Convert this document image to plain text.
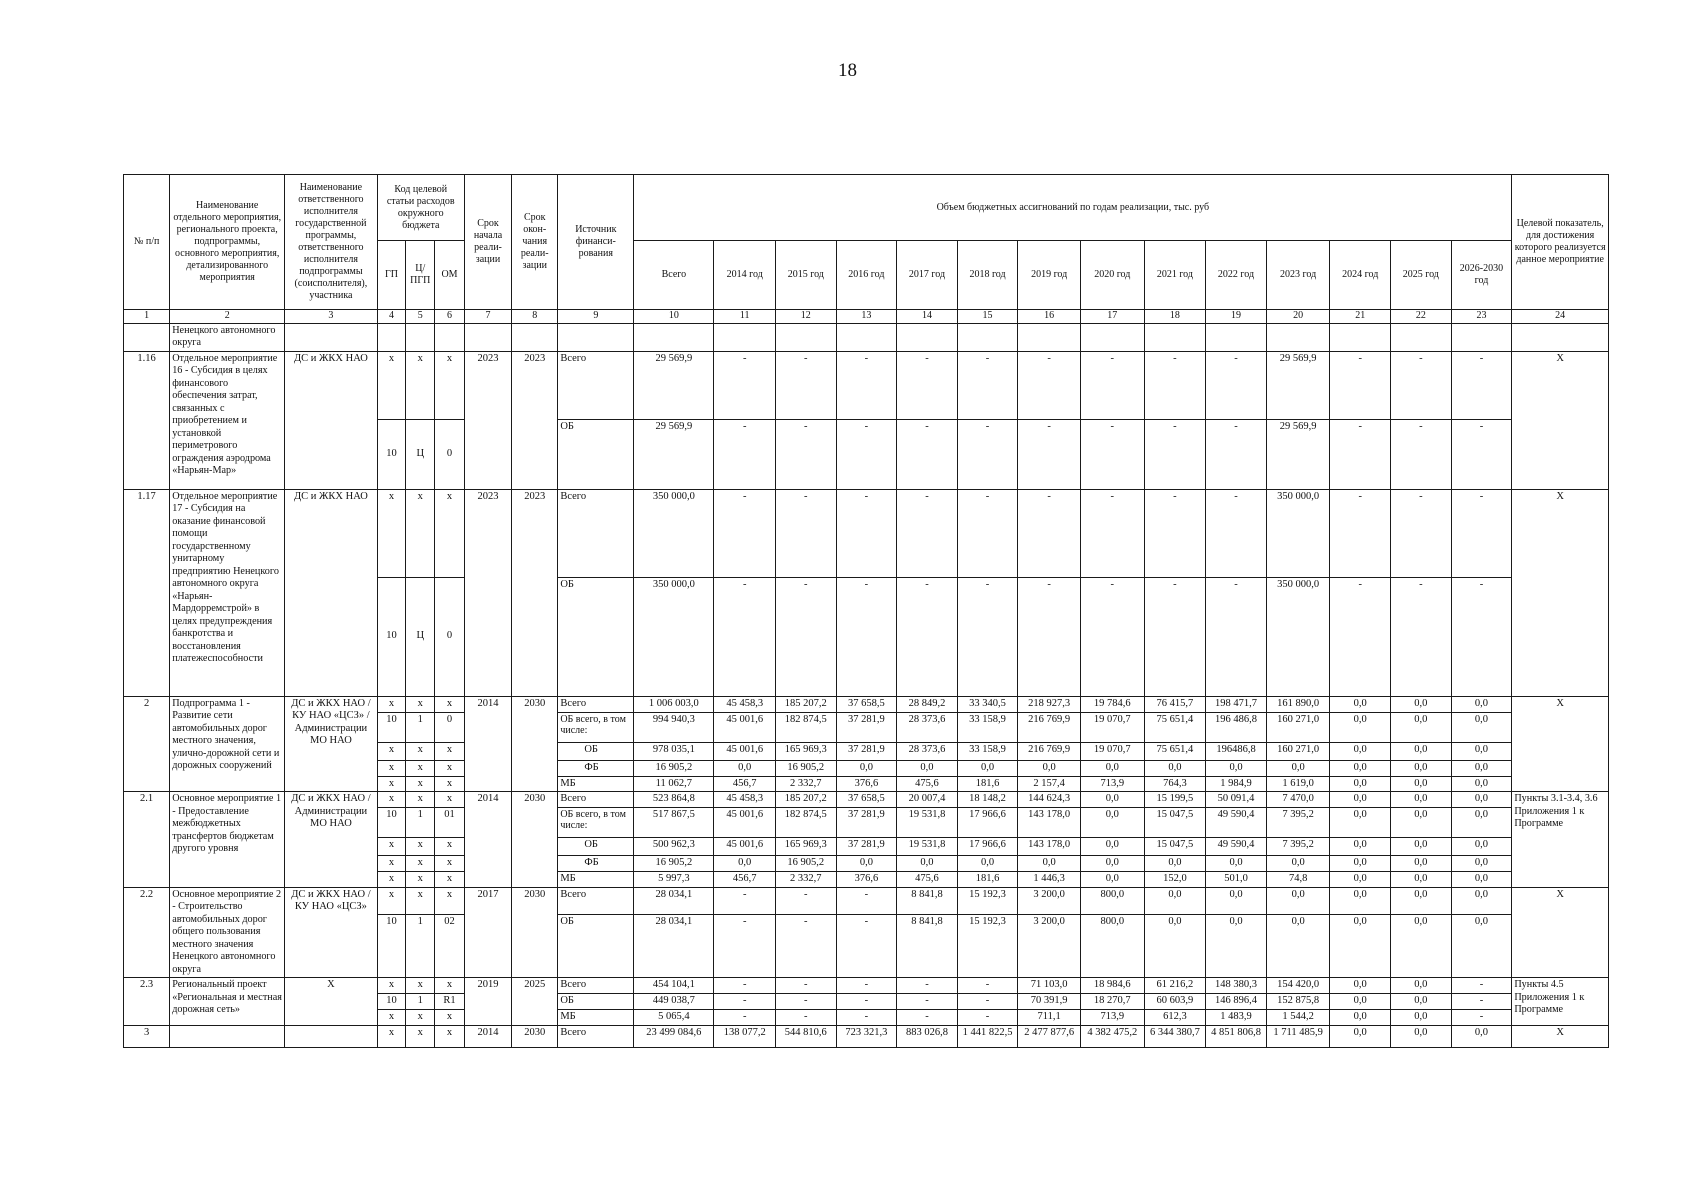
18
№ п/п	Наименование отдельного мероприятия, регионального проекта, подпрограммы, основного мероприятия, детализированного мероприятия	Наименование ответственного исполнителя государственной программы, ответственного исполнителя подпрограммы (соисполнителя), участника	Код целевой статьи расходов окружного бюджета			Срок начала реали-зации	Срок окон-чания реали-зации	Источник финанси-рования	Объем бюджетных ассигнований по годам реализации, тыс. руб														Целевой показатель, для достижения которого реализуется данное мероприятие
			ГП	Ц/ПГП	ОМ				Всего	2014 год	2015 год	2016 год	2017 год	2018 год	2019 год	2020 год	2021 год	2022 год	2023 год	2024 год	2025 год	2026-2030 год	
1	2	3	4	5	6	7	8	9	10	11	12	13	14	15	16	17	18	19	20	21	22	23	24
	Ненецкого автономного округа																						
1.16	Отдельное мероприятие 16 - Субсидия в целях финансового обеспечения затрат, связанных с приобретением и установкой периметрового ограждения аэродрома «Нарьян-Мар»	ДС и ЖКХ НАО	x	x	x	2023	2023	Всего	29 569,9	-	-	-	-	-	-	-	-	-	29 569,9	-	-	-	Х
			10	Ц	0			ОБ	29 569,9	-	-	-	-	-	-	-	-	-	29 569,9	-	-	-	
1.17	Отдельное мероприятие 17 - Субсидия на оказание финансовой помощи государственному унитарному предприятию Ненецкого автономного округа «Нарьян-Мардорремстрой» в целях предупреждения банкротства и восстановления платежеспособности	ДС и ЖКХ НАО	x	x	x	2023	2023	Всего	350 000,0	-	-	-	-	-	-	-	-	-	350 000,0	-	-	-	Х
			10	Ц	0			ОБ	350 000,0	-	-	-	-	-	-	-	-	-	350 000,0	-	-	-	
2	Подпрограмма 1 - Развитие сети автомобильных дорог местного значения, улично-дорожной сети и дорожных сооружений	ДС и ЖКХ НАО / КУ НАО «ЦСЗ» / Администрации МО НАО	x	x	x	2014	2030	Всего	1 006 003,0	45 458,3	185 207,2	37 658,5	28 849,2	33 340,5	218 927,3	19 784,6	76 415,7	198 471,7	161 890,0	0,0	0,0	0,0	Х
			10	1	0			ОБ всего, в том числе:	994 940,3	45 001,6	182 874,5	37 281,9	28 373,6	33 158,9	216 769,9	19 070,7	75 651,4	196 486,8	160 271,0	0,0	0,0	0,0	
			x	x	x			ОБ	978 035,1	45 001,6	165 969,3	37 281,9	28 373,6	33 158,9	216 769,9	19 070,7	75 651,4	196486,8	160 271,0	0,0	0,0	0,0	
			x	x	x			ФБ	16 905,2	0,0	16 905,2	0,0	0,0	0,0	0,0	0,0	0,0	0,0	0,0	0,0	0,0	0,0	
			x	x	x			МБ	11 062,7	456,7	2 332,7	376,6	475,6	181,6	2 157,4	713,9	764,3	1 984,9	1 619,0	0,0	0,0	0,0	
2.1	Основное мероприятие 1 - Предоставление межбюджетных трансфертов бюджетам другого уровня	ДС и ЖКХ НАО / Администрации МО НАО	x	x	x	2014	2030	Всего	523 864,8	45 458,3	185 207,2	37 658,5	20 007,4	18 148,2	144 624,3	0,0	15 199,5	50 091,4	7 470,0	0,0	0,0	0,0	Пункты 3.1-3.4, 3.6 Приложения 1 к Программе
			10	1	01			ОБ всего, в том числе:	517 867,5	45 001,6	182 874,5	37 281,9	19 531,8	17 966,6	143 178,0	0,0	15 047,5	49 590,4	7 395,2	0,0	0,0	0,0	
			x	x	x			ОБ	500 962,3	45 001,6	165 969,3	37 281,9	19 531,8	17 966,6	143 178,0	0,0	15 047,5	49 590,4	7 395,2	0,0	0,0	0,0	
			x	x	x			ФБ	16 905,2	0,0	16 905,2	0,0	0,0	0,0	0,0	0,0	0,0	0,0	0,0	0,0	0,0	0,0	
			x	x	x			МБ	5 997,3	456,7	2 332,7	376,6	475,6	181,6	1 446,3	0,0	152,0	501,0	74,8	0,0	0,0	0,0	
2.2	Основное мероприятие 2 - Строительство автомобильных дорог общего пользования местного значения Ненецкого автономного округа	ДС и ЖКХ НАО / КУ НАО «ЦСЗ»	x	x	x	2017	2030	Всего	28 034,1	-	-	-	8 841,8	15 192,3	3 200,0	800,0	0,0	0,0	0,0	0,0	0,0	0,0	Х
			10	1	02			ОБ	28 034,1	-	-	-	8 841,8	15 192,3	3 200,0	800,0	0,0	0,0	0,0	0,0	0,0	0,0	
2.3	Региональный проект «Региональная и местная дорожная сеть»	Х	x	x	x	2019	2025	Всего	454 104,1	-	-	-	-	-	71 103,0	18 984,6	61 216,2	148 380,3	154 420,0	0,0	0,0	-	Пункты 4.5 Приложения 1 к Программе
			10	1	R1			ОБ	449 038,7	-	-	-	-	-	70 391,9	18 270,7	60 603,9	146 896,4	152 875,8	0,0	0,0	-	
			x	x	x			МБ	5 065,4	-	-	-	-	-	711,1	713,9	612,3	1 483,9	1 544,2	0,0	0,0	-	
3			x	x	x	2014	2030	Всего	23 499 084,6	138 077,2	544 810,6	723 321,3	883 026,8	1 441 822,5	2 477 877,6	4 382 475,2	6 344 380,7	4 851 806,8	1 711 485,9	0,0	0,0	0,0	Х
